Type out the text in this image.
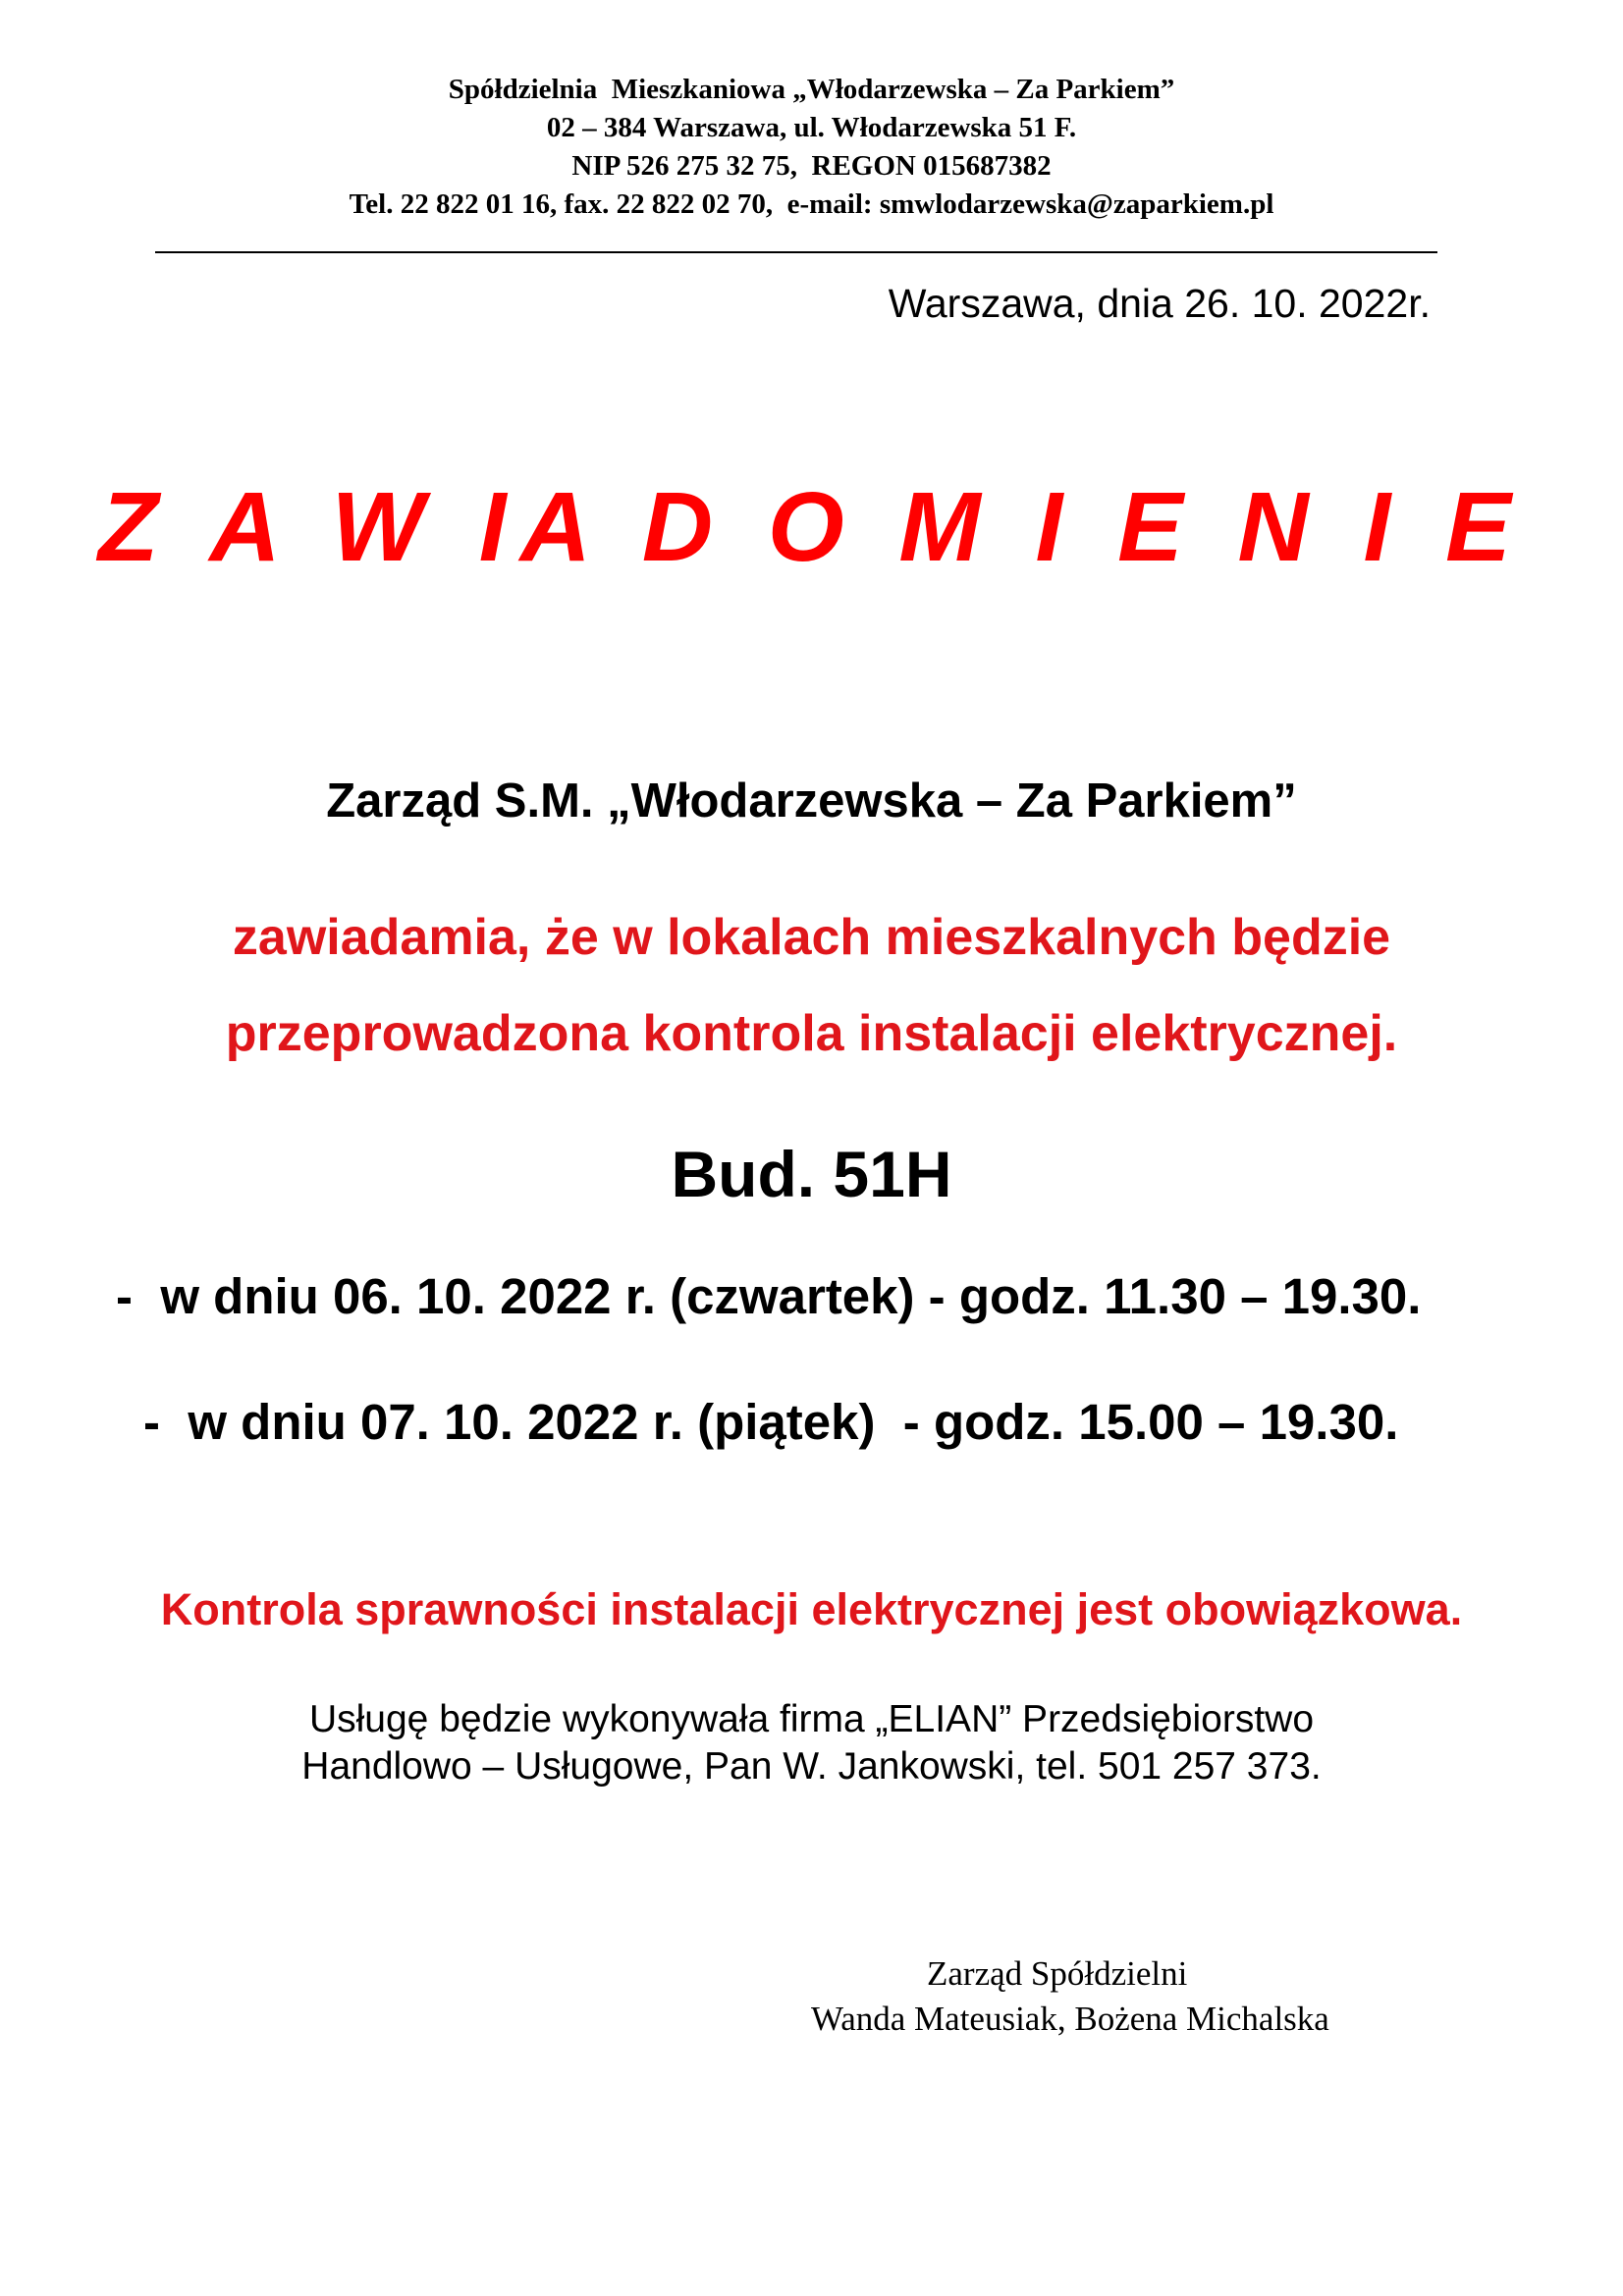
Spółdzielnia  Mieszkaniowa „Włodarzewska – Za Parkiem”
02 – 384 Warszawa, ul. Włodarzewska 51 F.
NIP 526 275 32 75,  REGON 015687382
Tel. 22 822 01 16, fax. 22 822 02 70,  e-mail: smwlodarzewska@zaparkiem.pl
Warszawa, dnia 26. 10. 2022r.
Z A W IA D O M I E N I E
Zarząd S.M. „Włodarzewska – Za Parkiem”
zawiadamia, że w lokalach mieszkalnych będzie
przeprowadzona kontrola instalacji elektrycznej.
Bud. 51H
-  w dniu 06. 10. 2022 r. (czwartek) - godz. 11.30 – 19.30.
-  w dniu 07. 10. 2022 r. (piątek)  - godz. 15.00 – 19.30.
Kontrola sprawności instalacji elektrycznej jest obowiązkowa.
Usługę będzie wykonywała firma „ELIAN” Przedsiębiorstwo
Handlowo – Usługowe, Pan W. Jankowski, tel. 501 257 373.
Zarząd Spółdzielni
Wanda Mateusiak, Bożena Michalska
